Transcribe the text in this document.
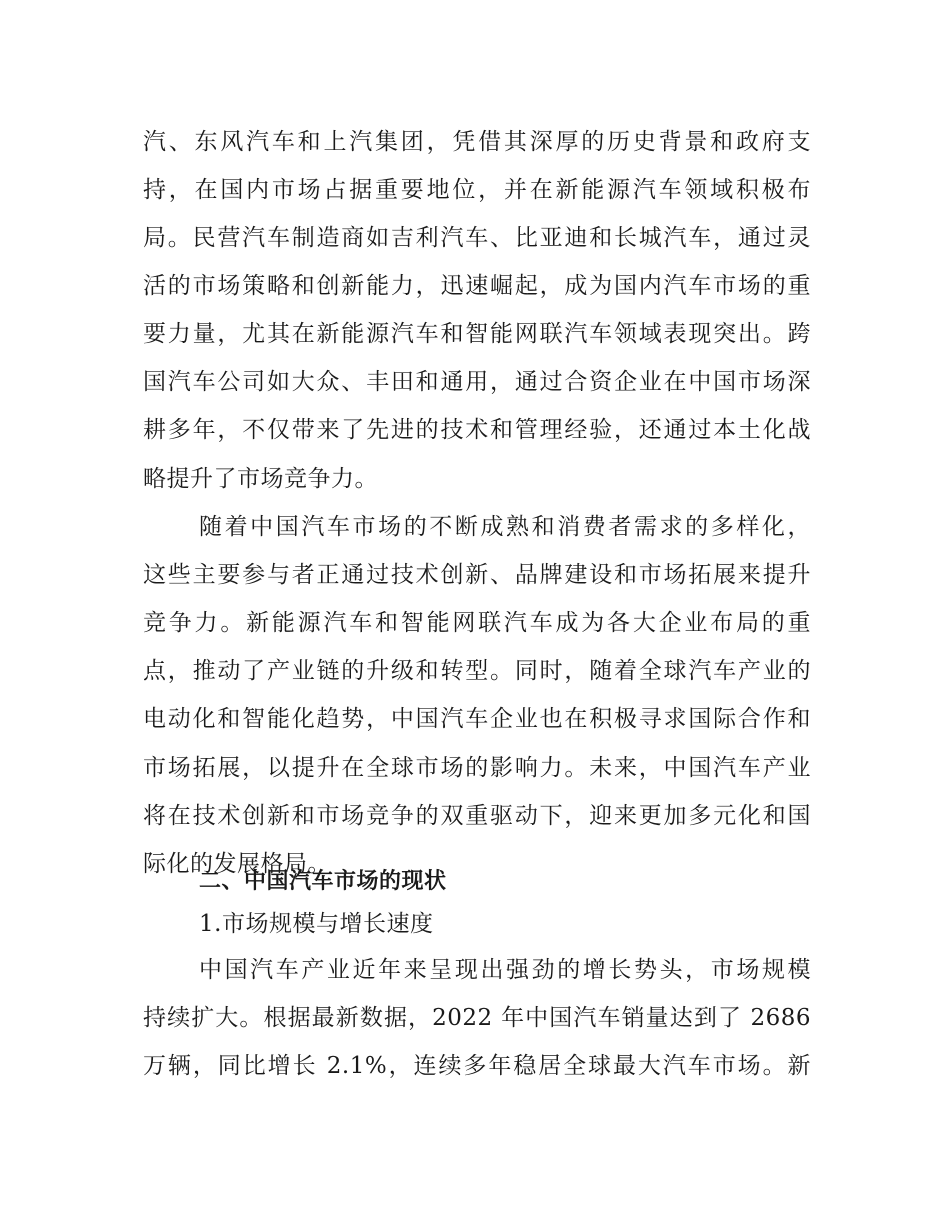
汽、东风汽车和上汽集团，凭借其深厚的历史背景和政府支
持，在国内市场占据重要地位，并在新能源汽车领域积极布
局。民营汽车制造商如吉利汽车、比亚迪和长城汽车，通过灵
活的市场策略和创新能力，迅速崛起，成为国内汽车市场的重
要力量，尤其在新能源汽车和智能网联汽车领域表现突出。跨
国汽车公司如大众、丰田和通用，通过合资企业在中国市场深
耕多年，不仅带来了先进的技术和管理经验，还通过本土化战
略提升了市场竞争力。
随着中国汽车市场的不断成熟和消费者需求的多样化，
这些主要参与者正通过技术创新、品牌建设和市场拓展来提升
竞争力。新能源汽车和智能网联汽车成为各大企业布局的重
点，推动了产业链的升级和转型。同时，随着全球汽车产业的
电动化和智能化趋势，中国汽车企业也在积极寻求国际合作和
市场拓展，以提升在全球市场的影响力。未来，中国汽车产业
将在技术创新和市场竞争的双重驱动下，迎来更加多元化和国
际化的发展格局。
二、中国汽车市场的现状
1.市场规模与增长速度
中国汽车产业近年来呈现出强劲的增长势头，市场规模
持续扩大。根据最新数据，2022 年中国汽车销量达到了 2686
万辆，同比增长 2.1%，连续多年稳居全球最大汽车市场。新
